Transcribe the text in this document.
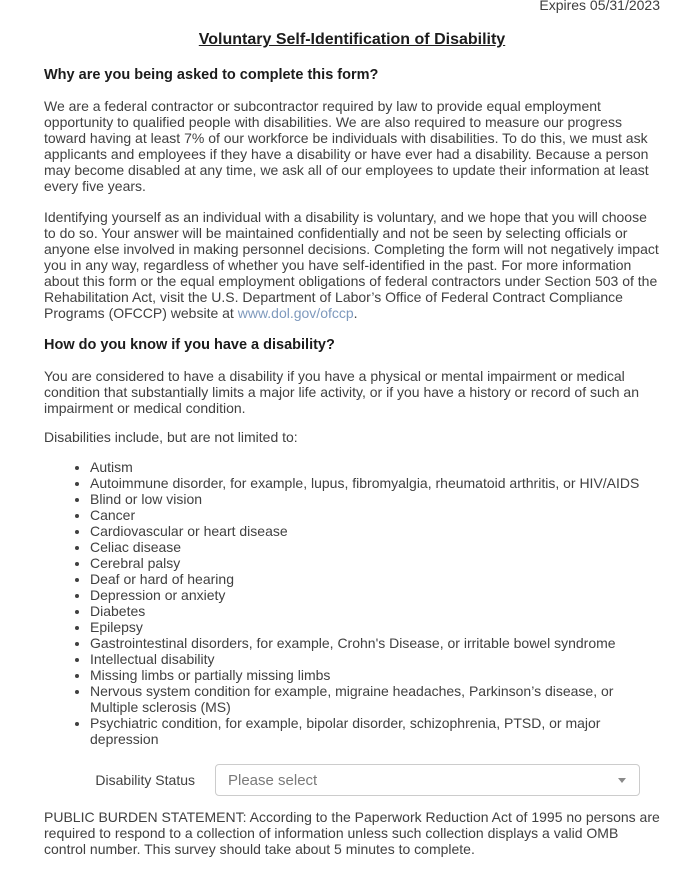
Expires 05/31/2023
Voluntary Self-Identification of Disability
Why are you being asked to complete this form?

We are a federal contractor or subcontractor required by law to provide equal employment opportunity to qualified people with disabilities. We are also required to measure our progress toward having at least 7% of our workforce be individuals with disabilities. To do this, we must ask applicants and employees if they have a disability or have ever had a disability. Because a person may become disabled at any time, we ask all of our employees to update their information at least every five years.

Identifying yourself as an individual with a disability is voluntary, and we hope that you will choose to do so. Your answer will be maintained confidentially and not be seen by selecting officials or anyone else involved in making personnel decisions. Completing the form will not negatively impact you in any way, regardless of whether you have self-identified in the past. For more information about this form or the equal employment obligations of federal contractors under Section 503 of the Rehabilitation Act, visit the U.S. Department of Labor’s Office of Federal Contract Compliance Programs (OFCCP) website at www.dol.gov/ofccp.

How do you know if you have a disability?

You are considered to have a disability if you have a physical or mental impairment or medical condition that substantially limits a major life activity, or if you have a history or record of such an impairment or medical condition.

Disabilities include, but are not limited to:

• Autism
• Autoimmune disorder, for example, lupus, fibromyalgia, rheumatoid arthritis, or HIV/AIDS
• Blind or low vision
• Cancer
• Cardiovascular or heart disease
• Celiac disease
• Cerebral palsy
• Deaf or hard of hearing
• Depression or anxiety
• Diabetes
• Epilepsy
• Gastrointestinal disorders, for example, Crohn's Disease, or irritable bowel syndrome
• Intellectual disability
• Missing limbs or partially missing limbs
• Nervous system condition for example, migraine headaches, Parkinson’s disease, or Multiple sclerosis (MS)
• Psychiatric condition, for example, bipolar disorder, schizophrenia, PTSD, or major depression
Disability Status Please select

PUBLIC BURDEN STATEMENT: According to the Paperwork Reduction Act of 1995 no persons are required to respond to a collection of information unless such collection displays a valid OMB control number. This survey should take about 5 minutes to complete.
